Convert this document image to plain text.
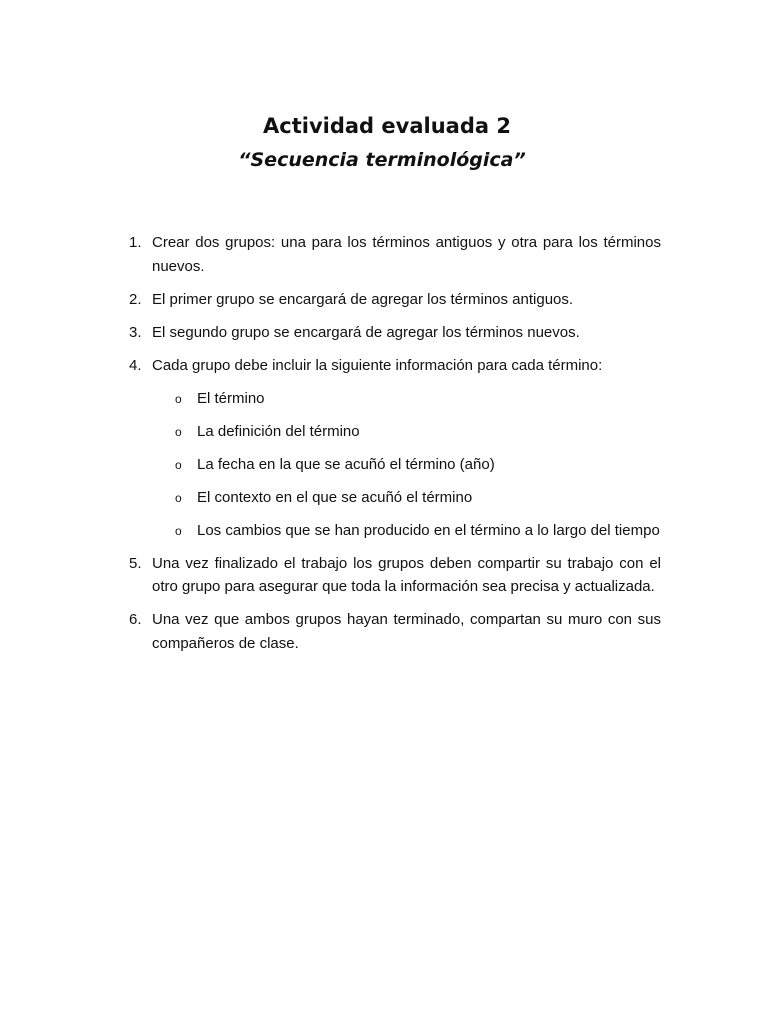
Actividad evaluada 2
“Secuencia terminológica”
1. Crear dos grupos: una para los términos antiguos y otra para los términos nuevos.
2. El primer grupo se encargará de agregar los términos antiguos.
3. El segundo grupo se encargará de agregar los términos nuevos.
4. Cada grupo debe incluir la siguiente información para cada término:
o El término
o La definición del término
o La fecha en la que se acuñó el término (año)
o El contexto en el que se acuñó el término
o Los cambios que se han producido en el término a lo largo del tiempo
5. Una vez finalizado el trabajo los grupos deben compartir su trabajo con el otro grupo para asegurar que toda la información sea precisa y actualizada.
6. Una vez que ambos grupos hayan terminado, compartan su muro con sus compañeros de clase.
